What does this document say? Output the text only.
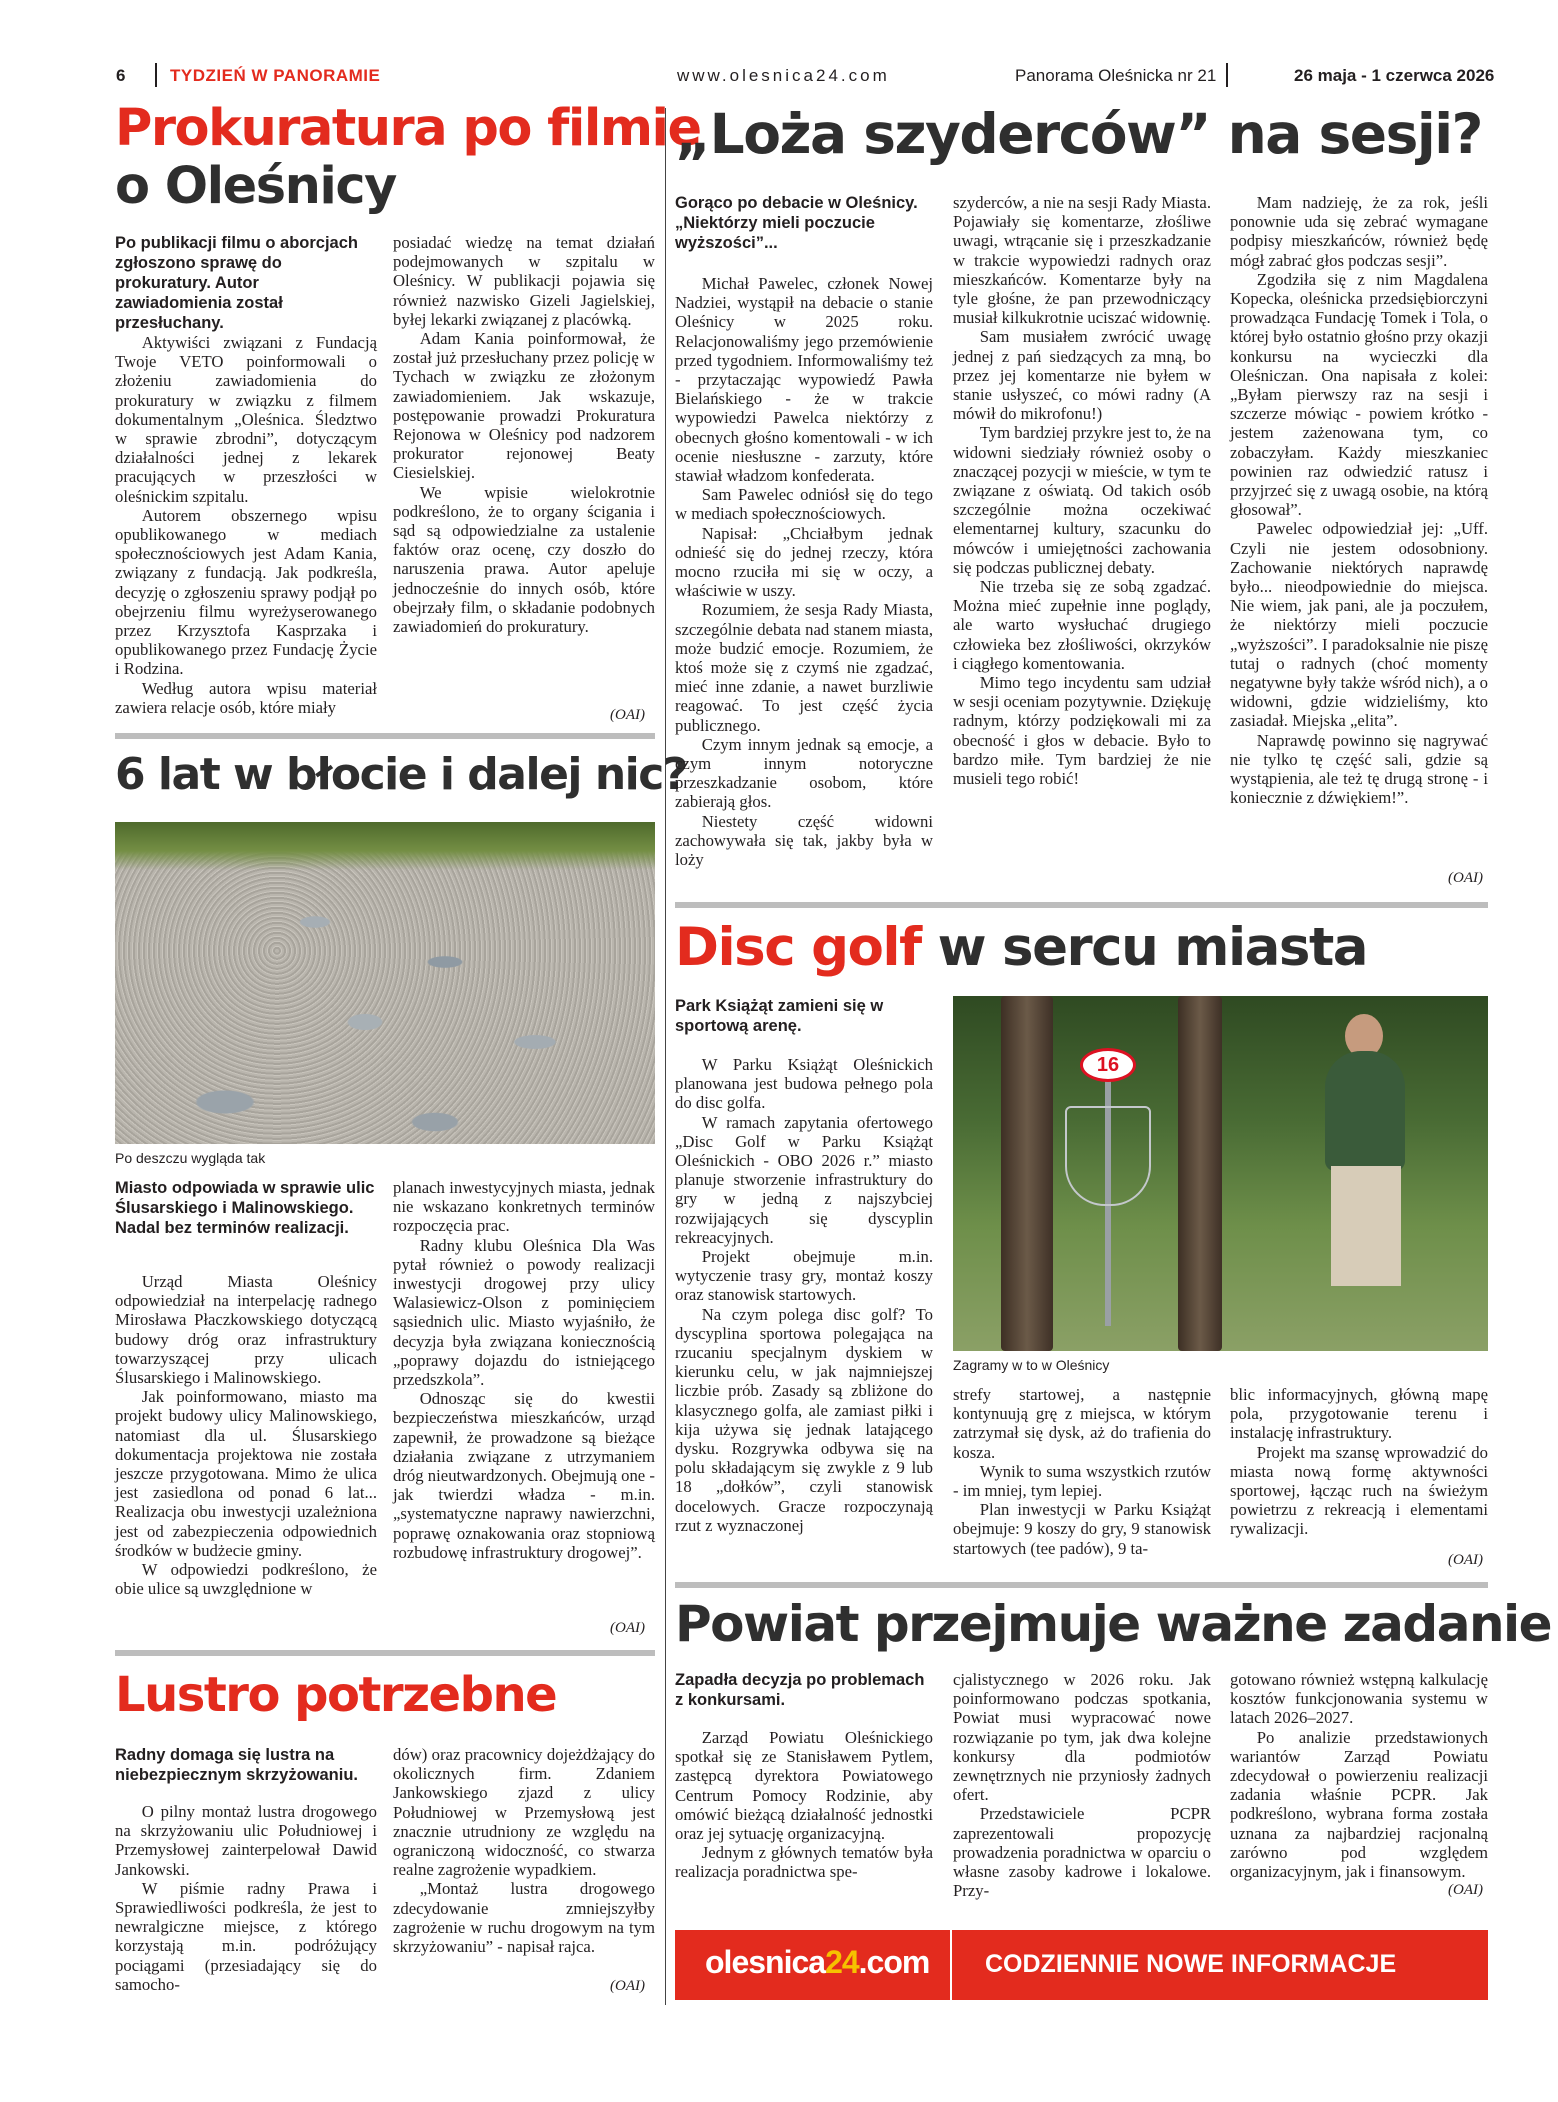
6	TYDZIEŃ W PANORAMIE	www.olesnica24.com	Panorama Oleśnicka nr 21	26 maja - 1 czerwca 2026
Prokuratura po filmie
o Oleśnicy
Po publikacji filmu o aborcjach zgłoszono sprawę do prokuratury. Autor zawiadomienia został przesłuchany.

Aktywiści związani z Fundacją Twoje VETO poinformowali o złożeniu zawiadomienia do prokuratury w związku z filmem dokumentalnym „Oleśnica. Śledztwo w sprawie zbrodni”, dotyczącym działalności jednej z lekarek pracujących w przeszłości w oleśnickim szpitalu.

Autorem obszernego wpisu opublikowanego w mediach społecznościowych jest Adam Kania, związany z fundacją. Jak podkreśla, decyzję o zgłoszeniu sprawy podjął po obejrzeniu filmu wyreżyserowanego przez Krzysztofa Kasprzaka i opublikowanego przez Fundację Życie i Rodzina.

Według autora wpisu materiał zawiera relacje osób, które miały

posiadać wiedzę na temat działań podejmowanych w szpitalu w Oleśnicy. W publikacji pojawia się również nazwisko Gizeli Jagielskiej, byłej lekarki związanej z placówką.

Adam Kania poinformował, że został już przesłuchany przez policję w Tychach w związku ze złożonym zawiadomieniem. Jak wskazuje, postępowanie prowadzi Prokuratura Rejonowa w Oleśnicy pod nadzorem prokurator rejonowej Beaty Ciesielskiej.

We wpisie wielokrotnie podkreślono, że to organy ścigania i sąd są odpowiedzialne za ustalenie faktów oraz ocenę, czy doszło do naruszenia prawa. Autor apeluje jednocześnie do innych osób, które obejrzały film, o składanie podobnych zawiadomień do prokuratury.

(OAI)
6 lat w błocie i dalej nic?
Po deszczu wygląda tak
Miasto odpowiada w sprawie ulic Ślusarskiego i Malinowskiego. Nadal bez terminów realizacji.

Urząd Miasta Oleśnicy odpowiedział na interpelację radnego Mirosława Płaczkowskiego dotyczącą budowy dróg oraz infrastruktury towarzyszącej przy ulicach Ślusarskiego i Malinowskiego.

Jak poinformowano, miasto ma projekt budowy ulicy Malinowskiego, natomiast dla ul. Ślusarskiego dokumentacja projektowa nie została jeszcze przygotowana. Mimo że ulica jest zasiedlona od ponad 6 lat... Realizacja obu inwestycji uzależniona jest od zabezpieczenia odpowiednich środków w budżecie gminy.

W odpowiedzi podkreślono, że obie ulice są uwzględnione w

planach inwestycyjnych miasta, jednak nie wskazano konkretnych terminów rozpoczęcia prac.

Radny klubu Oleśnica Dla Was pytał również o powody realizacji inwestycji drogowej przy ulicy Walasiewicz-Olson z pominięciem sąsiednich ulic. Miasto wyjaśniło, że decyzja była związana koniecznością „poprawy dojazdu do istniejącego przedszkola”.

Odnosząc się do kwestii bezpieczeństwa mieszkańców, urząd zapewnił, że prowadzone są bieżące działania związane z utrzymaniem dróg nieutwardzonych. Obejmują one - jak twierdzi władza - m.in. „systematyczne naprawy nawierzchni, poprawę oznakowania oraz stopniową rozbudowę infrastruktury drogowej”.

(OAI)
Lustro potrzebne
Radny domaga się lustra na niebezpiecznym skrzyżowaniu.

O pilny montaż lustra drogowego na skrzyżowaniu ulic Południowej i Przemysłowej zainterpelował Dawid Jankowski.

W piśmie radny Prawa i Sprawiedliwości podkreśla, że jest to newralgiczne miejsce, z którego korzystają m.in. podróżujący pociągami (przesiadający się do samocho-

dów) oraz pracownicy dojeżdżający do okolicznych firm. Zdaniem Jankowskiego zjazd z ulicy Południowej w Przemysłową jest znacznie utrudniony ze względu na ograniczoną widoczność, co stwarza realne zagrożenie wypadkiem.

„Montaż lustra drogowego zdecydowanie zmniejszyłby zagrożenie w ruchu drogowym na tym skrzyżowaniu” - napisał rajca.

(OAI)
„Loża szyderców” na sesji?
Gorąco po debacie w Oleśnicy. „Niektórzy mieli poczucie wyższości”...

Michał Pawelec, członek Nowej Nadziei, wystąpił na debacie o stanie Oleśnicy w 2025 roku. Relacjonowaliśmy jego przemówienie przed tygodniem. Informowaliśmy też - przytaczając wypowiedź Pawła Bielańskiego - że w trakcie wypowiedzi Pawelca niektórzy z obecnych głośno komentowali - w ich ocenie niesłuszne - zarzuty, które stawiał władzom konfederata.

Sam Pawelec odniósł się do tego w mediach społecznościowych.

Napisał: „Chciałbym jednak odnieść się do jednej rzeczy, która mocno rzuciła mi się w oczy, a właściwie w uszy.

Rozumiem, że sesja Rady Miasta, szczególnie debata nad stanem miasta, może budzić emocje. Rozumiem, że ktoś może się z czymś nie zgadzać, mieć inne zdanie, a nawet burzliwie reagować. To jest część życia publicznego.

Czym innym jednak są emocje, a czym innym notoryczne przeszkadzanie osobom, które zabierają głos.

Niestety część widowni zachowywała się tak, jakby była w loży

szyderców, a nie na sesji Rady Miasta. Pojawiały się komentarze, złośliwe uwagi, wtrącanie się i przeszkadzanie w trakcie wypowiedzi radnych oraz mieszkańców. Komentarze były na tyle głośne, że pan przewodniczący musiał kilkukrotnie uciszać widownię.

Sam musiałem zwrócić uwagę jednej z pań siedzących za mną, bo przez jej komentarze nie byłem w stanie usłyszeć, co mówi radny (A mówił do mikrofonu!)

Tym bardziej przykre jest to, że na widowni siedziały również osoby o znaczącej pozycji w mieście, w tym te związane z oświatą. Od takich osób szczególnie można oczekiwać elementarnej kultury, szacunku do mówców i umiejętności zachowania się podczas publicznej debaty.

Nie trzeba się ze sobą zgadzać. Można mieć zupełnie inne poglądy, ale warto wysłuchać drugiego człowieka bez złośliwości, okrzyków i ciągłego komentowania.

Mimo tego incydentu sam udział w sesji oceniam pozytywnie. Dziękuję radnym, którzy podziękowali mi za obecność i głos w debacie. Było to bardzo miłe. Tym bardziej że nie musieli tego robić!

Mam nadzieję, że za rok, jeśli ponownie uda się zebrać wymagane podpisy mieszkańców, również będę mógł zabrać głos podczas sesji”.

Zgodziła się z nim Magdalena Kopecka, oleśnicka przedsiębiorczyni prowadząca Fundację Tomek i Tola, o której było ostatnio głośno przy okazji konkursu na wycieczki dla Oleśniczan. Ona napisała z kolei: „Byłam pierwszy raz na sesji i szczerze mówiąc - powiem krótko - jestem zażenowana tym, co zobaczyłam. Każdy mieszkaniec powinien raz odwiedzić ratusz i przyjrzeć się z uwagą osobie, na którą głosował”.

Pawelec odpowiedział jej: „Uff. Czyli nie jestem odosobniony. Zachowanie niektórych naprawdę było... nieodpowiednie do miejsca. Nie wiem, jak pani, ale ja poczułem, że niektórzy mieli poczucie „wyższości”. I paradoksalnie nie piszę tutaj o radnych (choć momenty negatywne były także wśród nich), a o widowni, gdzie widzieliśmy, kto zasiadał. Miejska „elita”.

Naprawdę powinno się nagrywać nie tylko tę część sali, gdzie są wystąpienia, ale też tę drugą stronę - i koniecznie z dźwiękiem!”.

(OAI)
Disc golf w sercu miasta
Park Książąt zamieni się w sportową arenę.

W Parku Książąt Oleśnickich planowana jest budowa pełnego pola do disc golfa.

W ramach zapytania ofertowego „Disc Golf w Parku Książąt Oleśnickich - OBO 2026 r.” miasto planuje stworzenie infrastruktury do gry w jedną z najszybciej rozwijających się dyscyplin rekreacyjnych.

Projekt obejmuje m.in. wytyczenie trasy gry, montaż koszy oraz stanowisk startowych.

Na czym polega disc golf? To dyscyplina sportowa polegająca na rzucaniu specjalnym dyskiem w kierunku celu, w jak najmniejszej liczbie prób. Zasady są zbliżone do klasycznego golfa, ale zamiast piłki i kija używa się jednak latającego dysku. Rozgrywka odbywa się na polu składającym się zwykle z 9 lub 18 „dołków”, czyli stanowisk docelowych. Gracze rozpoczynają rzut z wyznaczonej

16
Zagramy w to w Oleśnicy

strefy startowej, a następnie kontynuują grę z miejsca, w którym zatrzymał się dysk, aż do trafienia do kosza.

Wynik to suma wszystkich rzutów - im mniej, tym lepiej.

Plan inwestycji w Parku Książąt obejmuje: 9 koszy do gry, 9 stanowisk startowych (tee padów), 9 ta-

blic informacyjnych, główną mapę pola, przygotowanie terenu i instalację infrastruktury.

Projekt ma szansę wprowadzić do miasta nową formę aktywności sportowej, łącząc ruch na świeżym powietrzu z rekreacją i elementami rywalizacji.

(OAI)
Powiat przejmuje ważne zadanie
Zapadła decyzja po problemach z konkursami.

Zarząd Powiatu Oleśnickiego spotkał się ze Stanisławem Pytlem, zastępcą dyrektora Powiatowego Centrum Pomocy Rodzinie, aby omówić bieżącą działalność jednostki oraz jej sytuację organizacyjną.

Jednym z głównych tematów była realizacja poradnictwa spe-

cjalistycznego w 2026 roku. Jak poinformowano podczas spotkania, Powiat musi wypracować nowe rozwiązanie po tym, jak dwa kolejne konkursy dla podmiotów zewnętrznych nie przyniosły żadnych ofert.

Przedstawiciele PCPR zaprezentowali propozycję prowadzenia poradnictwa w oparciu o własne zasoby kadrowe i lokalowe. Przy-

gotowano również wstępną kalkulację kosztów funkcjonowania systemu w latach 2026–2027.

Po analizie przedstawionych wariantów Zarząd Powiatu zdecydował o powierzeniu realizacji zadania właśnie PCPR. Jak podkreślono, wybrana forma została uznana za najbardziej racjonalną zarówno pod względem organizacyjnym, jak i finansowym.

(OAI)
olesnica24.com CODZIENNIE NOWE INFORMACJE
